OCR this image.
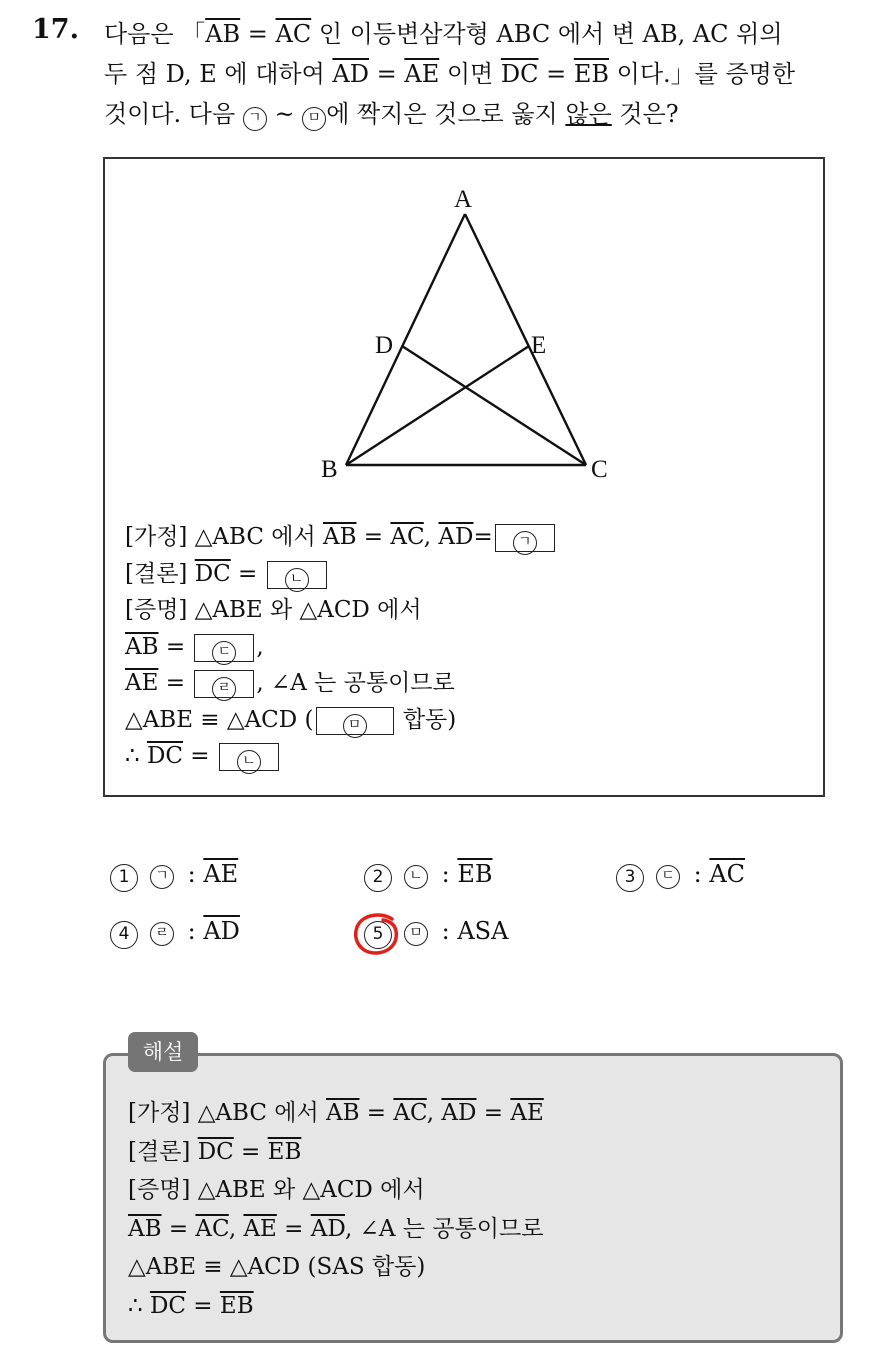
17. 다음은 「$\overline{AB} = \overline{AC}$ 인 이등변삼각형 ABC 에서 변 AB, AC 위의
두 점 D, E 에 대하여 $\overline{AD} = \overline{AE}$ 이면 $\overline{DC} = \overline{EB}$ 이다.」를 증명한
것이다. 다음 ㄱ ~ ㅁ 에 짝지은 것으로 옳지 않은 것은?
A
B	C
D	E
[가정] △ABC 에서 $\overline{AB} = \overline{AC}$, $\overline{AD}=$ ㄱ
[결론] $\overline{DC}$ = ㄴ
[증명] △ABE 와 △ACD 에서
$\overline{AB}$ = ㄷ ,
$\overline{AE}$ = ㄹ , ∠A 는 공통이므로
△ABE ≡ △ACD ( ㅁ 합동)
∴ $\overline{DC}$ = ㄴ
1 ㄱ : $\overline{AE}$	2 ㄴ : $\overline{EB}$	3 ㄷ : $\overline{AC}$
4 ㄹ : $\overline{AD}$	5 ㅁ : ASA
[가정] △ABC 에서 $\overline{AB} = \overline{AC}$, $\overline{AD} = \overline{AE}$
[결론] $\overline{DC} = \overline{EB}$
[증명] △ABE 와 △ACD 에서
$\overline{AB} = \overline{AC}$, $\overline{AE} = \overline{AD}$, ∠A 는 공통이므로
△ABE ≡ △ACD (SAS 합동)
∴ $\overline{DC} = \overline{EB}$
해설
